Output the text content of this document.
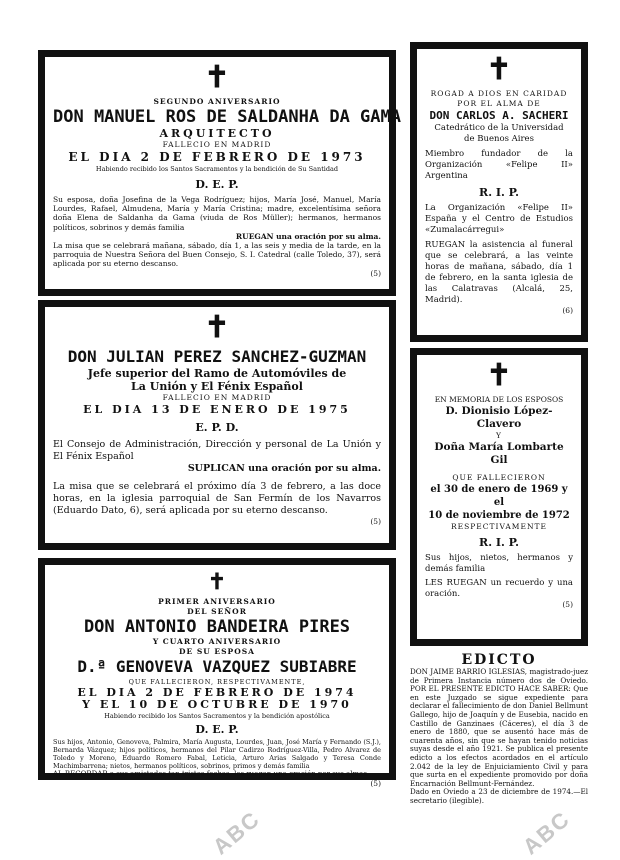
ABC	ABC
✝
SEGUNDO ANIVERSARIO
DON MANUEL ROS DE SALDANHA DA GAMA
ARQUITECTO
FALLECIO EN MADRID
EL DIA 2 DE FEBRERO DE 1973
Habiendo recibido los Santos Sacramentos y la bendición de Su Santidad
D. E. P.
Su esposa, doña Josefina de la Vega Rodríguez; hijos, María José, Manuel, María Lourdes, Rafael, Almudena, María y María Cristina; madre, excelentísima señora doña Elena de Saldanha da Gama (viuda de Ros Müller); hermanos, hermanos políticos, sobrinos y demás familia
RUEGAN una oración por su alma.
La misa que se celebrará mañana, sábado, día 1, a las seis y media de la tarde, en la parroquia de Nuestra Señora del Buen Consejo, S. I. Catedral (calle Toledo, 37), será aplicada por su eterno descanso.
(5)
✝
DON JULIAN PEREZ SANCHEZ-GUZMAN
Jefe superior del Ramo de Automóviles de
La Unión y El Fénix Español
FALLECIO EN MADRID
EL DIA 13 DE ENERO DE 1975
E. P. D.
El Consejo de Administración, Dirección y personal de La Unión y El Fénix Español
SUPLICAN una oración por su alma.
La misa que se celebrará el próximo día 3 de febrero, a las doce horas, en la iglesia parroquial de San Fermín de los Navarros (Eduardo Dato, 6), será aplicada por su eterno descanso.
(5)
✝
PRIMER ANIVERSARIO
DEL SEÑOR
DON ANTONIO BANDEIRA PIRES
Y CUARTO ANIVERSARIO
DE SU ESPOSA
D.ª GENOVEVA VAZQUEZ SUBIABRE
QUE FALLECIERON, RESPECTIVAMENTE,
EL DIA 2 DE FEBRERO DE 1974
Y EL 10 DE OCTUBRE DE 1970
Habiendo recibido los Santos Sacramentos y la bendición apostólica
D. E. P.
Sus hijos, Antonio, Genoveva, Palmira, María Augusta, Lourdes, Juan, José María y Fernando (S.J.), Bernarda Vázquez; hijos políticos, hermanos del Pilar Cadirzo Rodríguez-Villa, Pedro Alvarez de Toledo y Moreno, Eduardo Romero Fabal, Leticia, Arturo Arias Salgado y Teresa Conde Machimbarrena; nietos, hermanos políticos, sobrinos, primos y demás familia
AL RECORDAR a sus amistades tan tristes fechas, les ruegan una oración por sus almas.
(5)
✝
ROGAD A DIOS EN CARIDAD
POR EL ALMA DE
DON CARLOS A. SACHERI
Catedrático de la Universidad
de Buenos Aires
Miembro fundador de la Organización «Felipe II» Argentina
R. I. P.
La Organización «Felipe II» España y el Centro de Estudios «Zumalacárregui»
RUEGAN la asistencia al funeral que se celebrará, a las veinte horas de mañana, sábado, día 1 de febrero, en la santa iglesia de las Calatravas (Alcalá, 25, Madrid).
(6)
✝
EN MEMORIA DE LOS ESPOSOS
D. Dionisio López-Clavero
Y
Doña María Lombarte Gil
QUE FALLECIERON
el 30 de enero de 1969 y el
10 de noviembre de 1972
RESPECTIVAMENTE
R. I. P.
Sus hijos, nietos, hermanos y demás familia
LES RUEGAN un recuerdo y una oración.
(5)
EDICTO
DON JAIME BARRIO IGLESIAS, magistrado-juez de Primera Instancia número dos de Oviedo. POR EL PRESENTE EDICTO HACE SABER: Que en este Juzgado se sigue expediente para declarar el fallecimiento de don Daniel Bellmunt Gallego, hijo de Joaquín y de Eusebia, nacido en Castillo de Ganzinaes (Cáceres), el día 3 de enero de 1880, que se ausentó hace más de cuarenta años, sin que se hayan tenido noticias suyas desde el año 1921. Se publica el presente edicto a los efectos acordados en el artículo 2.042 de la ley de Enjuiciamiento Civil y para que surta en el expediente promovido por doña Encarnación Bellmunt-Fernández.
Dado en Oviedo a 23 de diciembre de 1974.—El secretario (ilegible).
